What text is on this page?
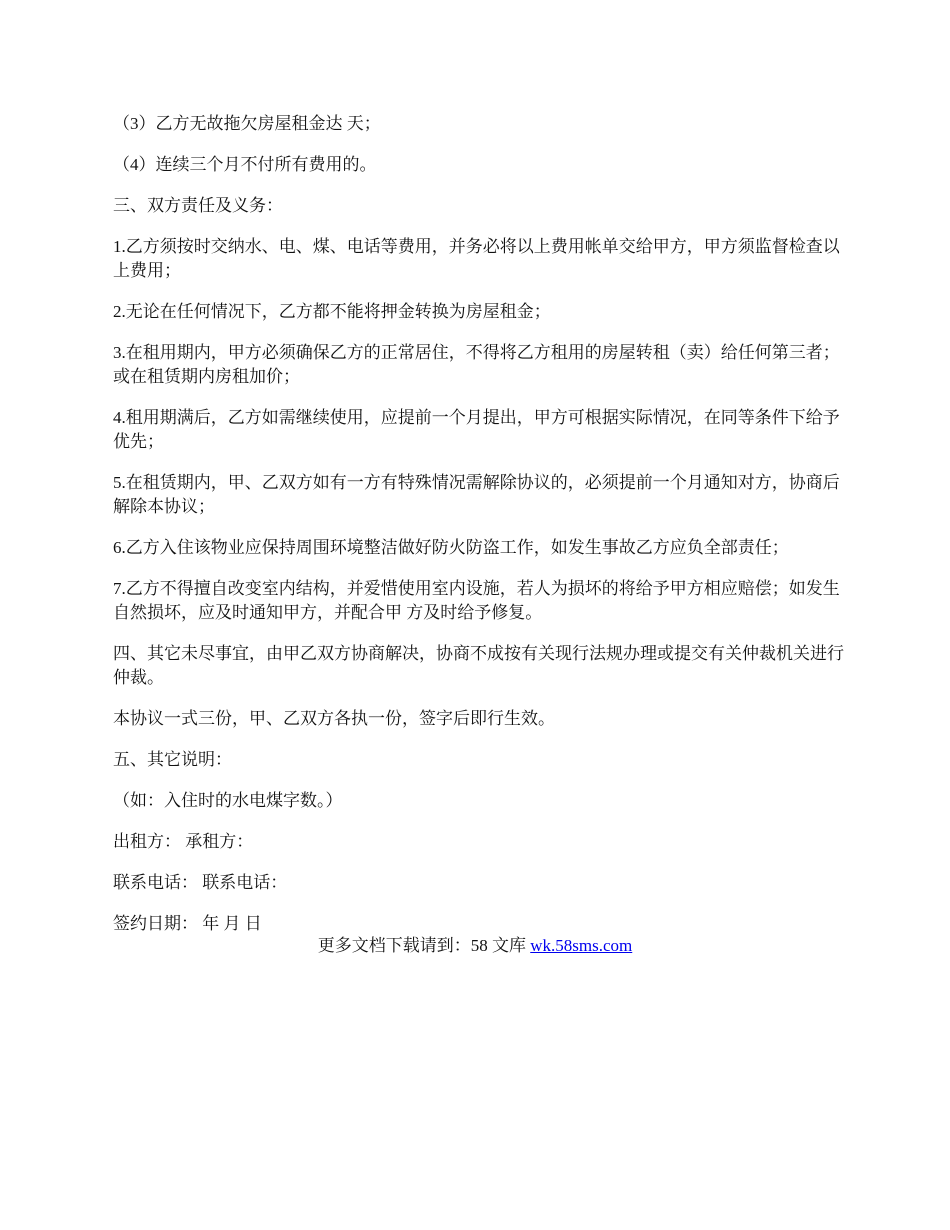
（3）乙方无故拖欠房屋租金达 天；

（4）连续三个月不付所有费用的。

三、双方责任及义务：

1.乙方须按时交纳水、电、煤、电话等费用，并务必将以上费用帐单交给甲方，甲方须监督检查以上费用；

2.无论在任何情况下，乙方都不能将押金转换为房屋租金；

3.在租用期内，甲方必须确保乙方的正常居住，不得将乙方租用的房屋转租（卖）给任何第三者；或在租赁期内房租加价；

4.租用期满后，乙方如需继续使用，应提前一个月提出，甲方可根据实际情况，在同等条件下给予优先；

5.在租赁期内，甲、乙双方如有一方有特殊情况需解除协议的，必须提前一个月通知对方，协商后解除本协议；

6.乙方入住该物业应保持周围环境整洁做好防火防盗工作，如发生事故乙方应负全部责任；

7.乙方不得擅自改变室内结构，并爱惜使用室内设施，若人为损坏的将给予甲方相应赔偿；如发生自然损坏，应及时通知甲方，并配合甲 方及时给予修复。

四、其它未尽事宜，由甲乙双方协商解决，协商不成按有关现行法规办理或提交有关仲裁机关进行仲裁。

本协议一式三份，甲、乙双方各执一份，签字后即行生效。

五、其它说明：

（如：入住时的水电煤字数。）

出租方： 承租方：

联系电话： 联系电话：

签约日期： 年 月 日

更多文档下载请到：58 文库 wk.58sms.com
